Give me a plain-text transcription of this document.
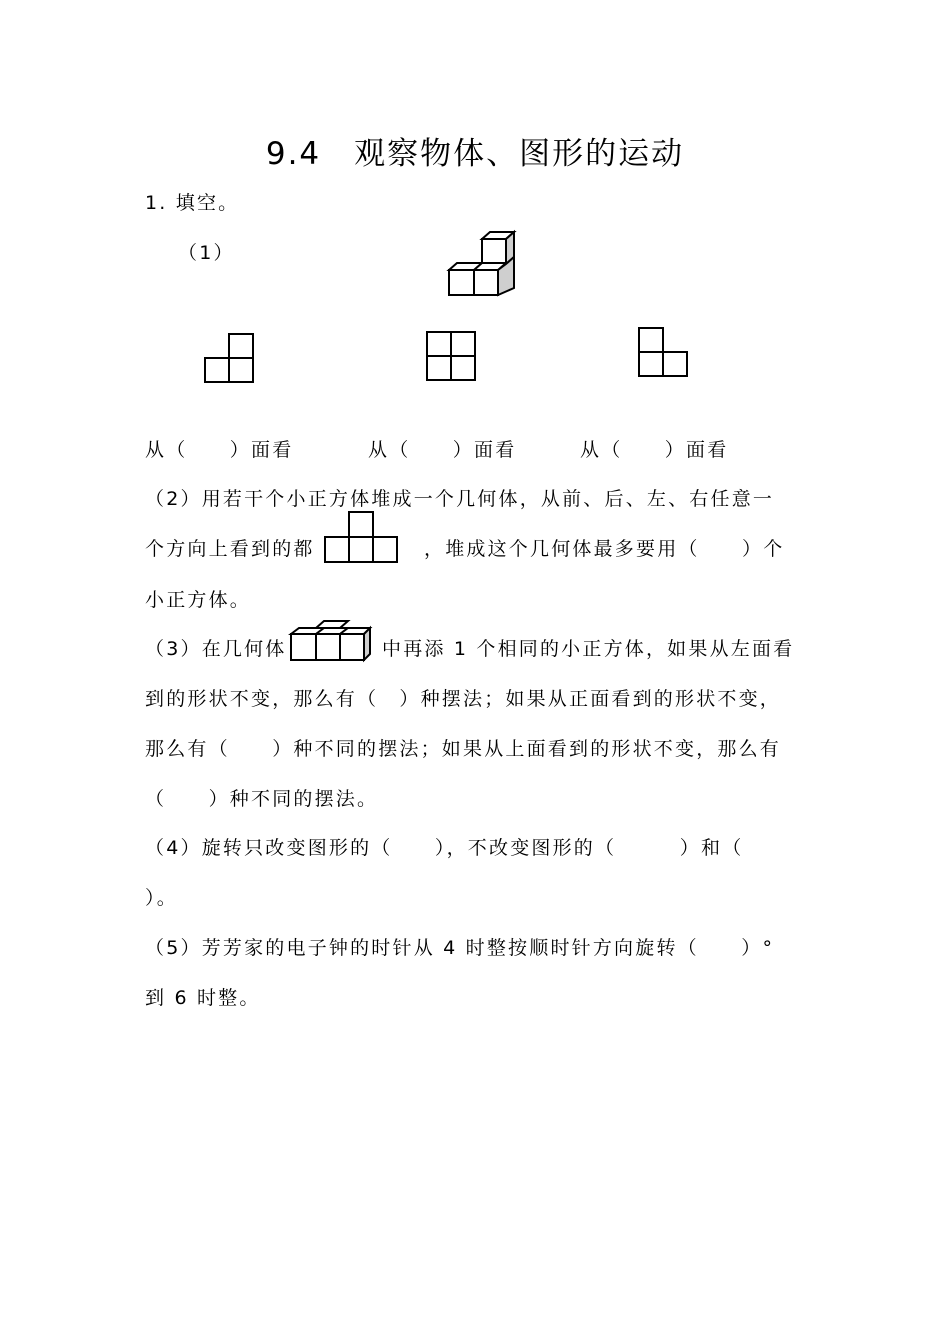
9.4　观察物体、图形的运动
1. 填空。
（1）
从（　　）面看	从（　　）面看	从（　　）面看
（2）用若干个小正方体堆成一个几何体，从前、后、左、右任意一
个方向上看到的都	，堆成这个几何体最多要用（　　）个
小正方体。
（3）在几何体	中再添 1 个相同的小正方体，如果从左面看
到的形状不变，那么有（　）种摆法；如果从正面看到的形状不变，
那么有（　　）种不同的摆法；如果从上面看到的形状不变，那么有
（　　）种不同的摆法。
（4）旋转只改变图形的（　　），不改变图形的（　　　）和（
）。
（5）芳芳家的电子钟的时针从 4 时整按顺时针方向旋转（　　）°
到 6 时整。
